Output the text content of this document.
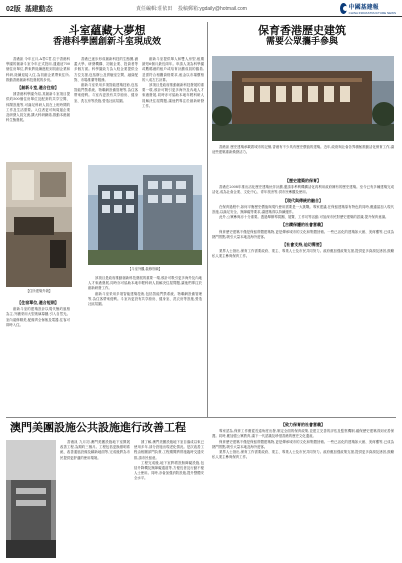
02版 基建動态	責任編輯:莊依田 投稿郵箱:ygdaily@hotmail.com	中國基建報
CHINA INFRASTRUCTURE NEWS
斗室蘊藏大夢想
香港科學園創新斗室現成效
保育香港歷史建筑
需要公眾攜手參與

香港訊 今年五月,A君C君,位于香港科學園的創新斗室今年正式投用,通過這700個住房單位,將來將陸續進駐到初創企業和科研,陸續迎接入住,為初創企業帶來住所,推動香港創新科技發展的步伐。

【創新斗室,適合住宿】

據香港科學園介紹,其創新斗室項目提供約500個住房單位及配套的共享空間、休閑設施等,可滿足科研人員在上班時間的工作及生活需要。入住者更可與周邊企業及研發人員交流,擴大科研網絡,推動本港創科生態發展。

香港已逐步形成創新科技的生態圈,涵蓋大學、研發機構、初創企業、投資者等多個方面。科學園致力為入駐企業提供全方位支援,包括辦公及實驗室空間、融資配對、市場推廣等服務。

創新斗室采用多項智能建築技術,包括智能門禁系統、物聯網設備管理等,為住客帶來便利。斗室內更設有共享廚房、健身室、洗衣房等設施,營造社區氛圍。

創新斗室提供單人和雙人房型,租期最短6個月最長兩年。申請人須為科學園或數碼港的租戶或培育計劃成員的僱員,並需符合相關資格要求,租金以市場價格的八成左右計算。

該項目是政府推動創新科技發展的重要一環,預計可吸引更多海外及內地人才來港發展,同時亦可協助本地年輕科研人員解決住屋問題,讓他們專注於創新研發工作。

【住所建築外貌】
【斗室外觀,裝修別緻】
【住宿單位,適合短期】

創新斗室的建築設計以現代簡約風格為主,外牆采用大型玻璃幕牆,引入自然光。室內裝修精美,配備齊全傢俬及電器,住客可即時入住。

該項目是政府推動創新科技發展的重要一環,預計可吸引更多海外及內地人才來港發展,同時亦可協助本地年輕科研人員解決住屋問題,讓他們專注於創新研發工作。

創新斗室采用多項智能建築技術,包括智能門禁系統、物聯網設備管理等,為住客帶來便利。斗室內更設有共享廚房、健身室、洗衣房等設施,營造社區氛圍。

香港訊 歷史建築承載着城市的記憶,香港有不少具有歷史價值的建築。近年,政府與社會各界積極推動活化保育工作,讓這些建築重新煥發活力。

【歷史建築的保育】

香港在2008年推出活化歷史建築伙伴計劃,邀請非牟利機構活化再利用政府擁有的歷史建築。至今已有多幢建築完成活化,成為社會企業、文化中心、青年旅舍等,供市民參觀及使用。

【現代與傳統的融合】

在保育過程中,如何平衡歷史價值與現代使用需要是一大挑戰。專家建議,在保留建築原有特色的同時,應適當加入現代設施,以滿足安全、無障礙等要求,讓建築得以持續運作。

此外,公眾參與亦十分重要。透過舉辦導賞團、展覽、工作坊等活動,可加深市民對歷史建築的認識,提升保育意識。

【古蹟保護的社會意義】

保育歷史建築不僅是保留實體建築物,更是傳承城市的文化和集體回憶。一些已活化的建築如大館、美荷樓等,已成為熱門景點,吸引大量本地及海外遊客。

【社會支持,迫切需要】

業界人士指出,保育工作需要政府、業主、專業人士及市民共同努力。政府應加強政策支援,提供更多資源及誘因,鼓勵私人業主參與保育工作。

澳門美團設施公共設施進行改善工程

香港訊 九月初,澳門美團設施地下室開展改善工程,為期約三個月。工程包括更換照明系統、改善通風設備及翻新地面等,完成後將為市民提供更舒適的使用環境。

據了解,澳門美團設施地下室自落成以來已使用多年,部分設施出現老化情況。是次改善工程由相關部門負責,工程期間將實施臨時交通安排,請市民留意。

工程完成後,地下室將增設無障礙設施,包括升降機及無障礙通道等,方便長者及行動不便人士使用。同時,亦會加強消防設施,提升整體安全水平。

【致力保育的社會意義】

專家認為,保育工作應從長遠角度出發,制定全面的保育政策,並建立完善的評估及監察機制,確保歷史建築得到妥善保護。同時,應加強公眾教育,讓下一代認識及珍惜香港的歷史文化遺產。

保育歷史建築不僅是保留實體建築物,更是傳承城市的文化和集體回憶。一些已活化的建築如大館、美荷樓等,已成為熱門景點,吸引大量本地及海外遊客。

業界人士指出,保育工作需要政府、業主、專業人士及市民共同努力。政府應加強政策支援,提供更多資源及誘因,鼓勵私人業主參與保育工作。
